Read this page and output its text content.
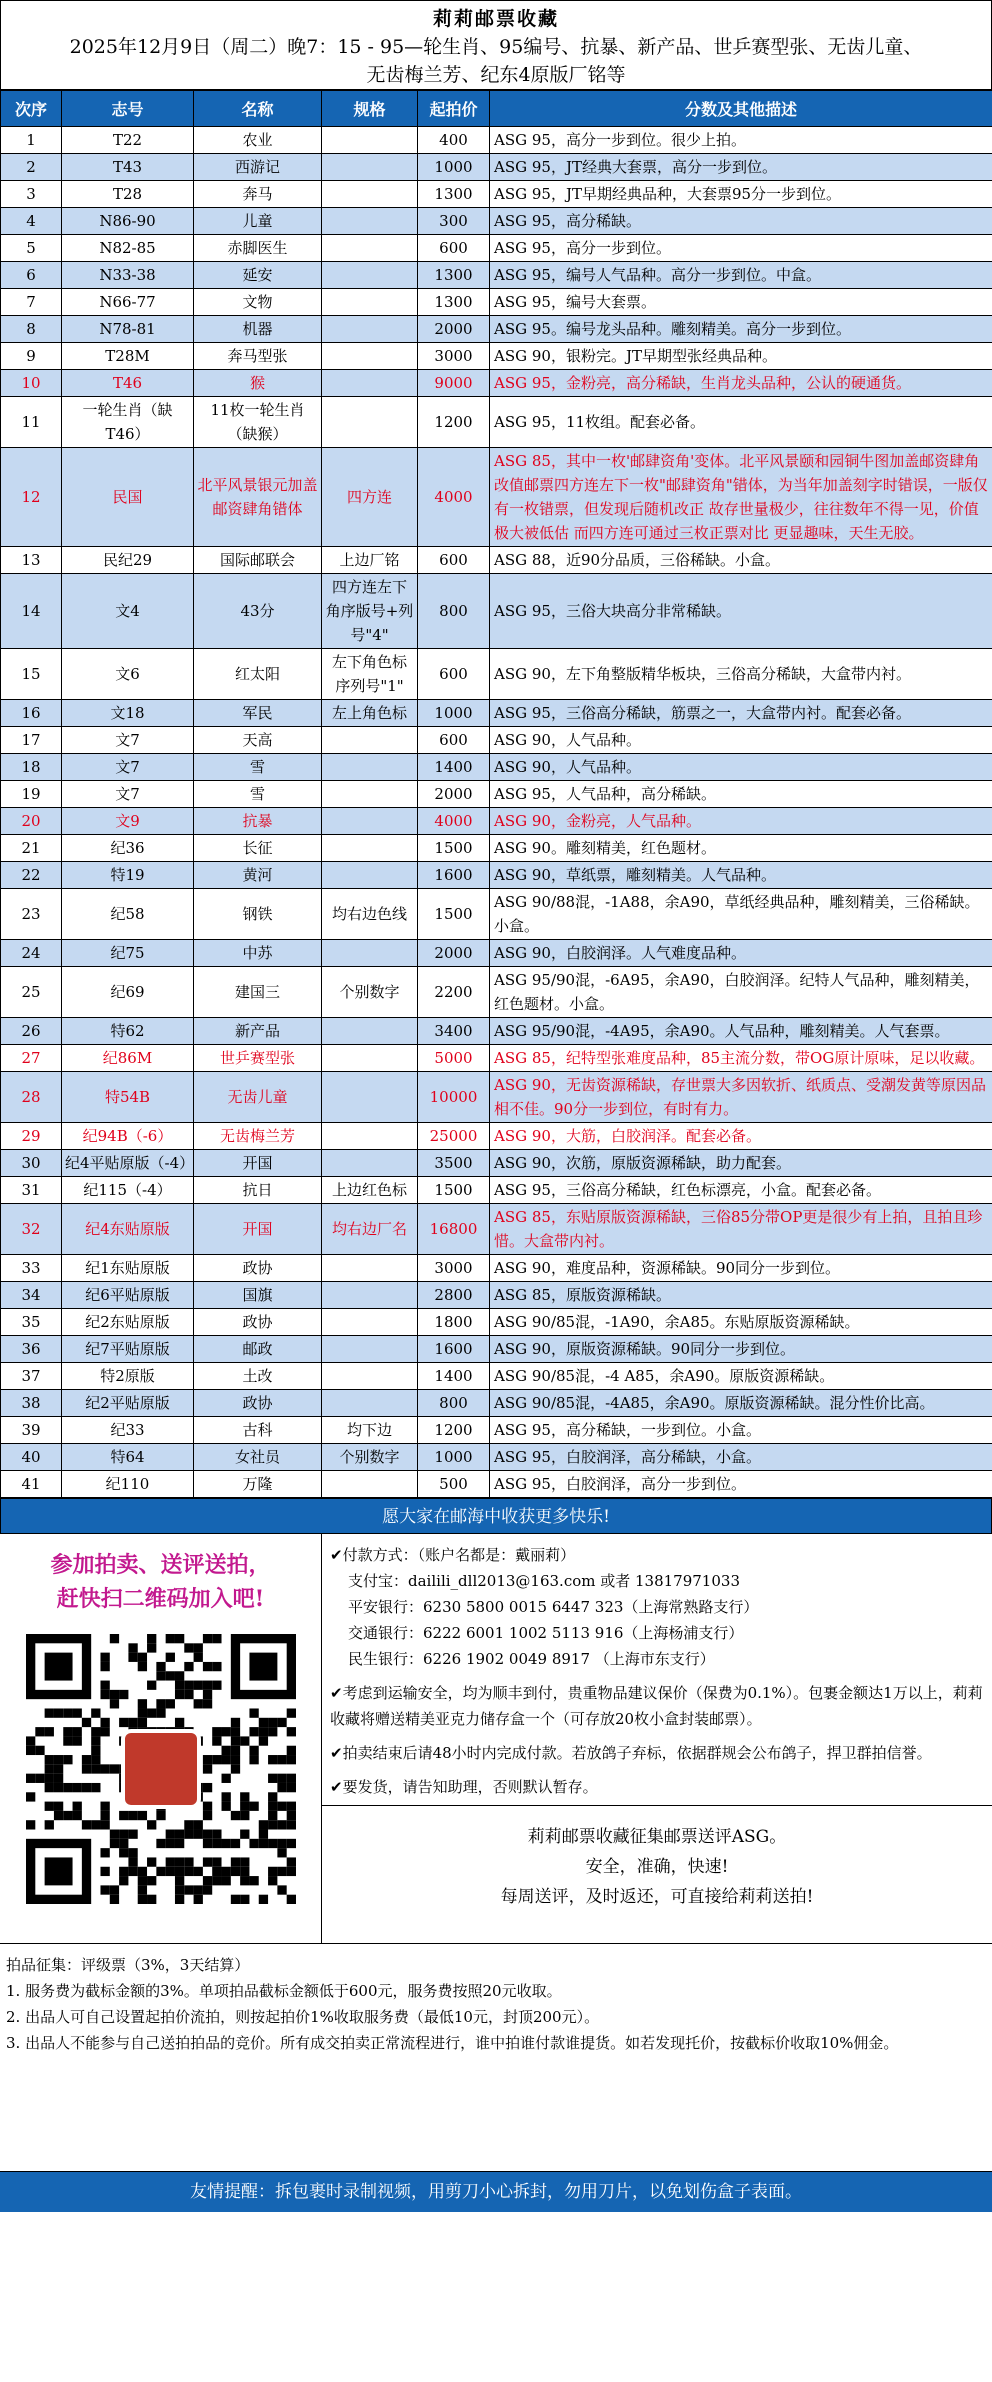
莉莉邮票收藏
2025年12月9日（周二）晚7：15 - 95—轮生肖、95编号、抗暴、新产品、世乒赛型张、无齿儿童、
无齿梅兰芳、纪东4原版厂铭等
次序	志号	名称	规格	起拍价	分数及其他描述
1	T22	农业		400	ASG 95，高分一步到位。很少上拍。
2	T43	西游记		1000	ASG 95，JT经典大套票，高分一步到位。
3	T28	奔马		1300	ASG 95，JT早期经典品种，大套票95分一步到位。
4	N86-90	儿童		300	ASG 95，高分稀缺。
5	N82-85	赤脚医生		600	ASG 95，高分一步到位。
6	N33-38	延安		1300	ASG 95，编号人气品种。高分一步到位。中盒。
7	N66-77	文物		1300	ASG 95，编号大套票。
8	N78-81	机器		2000	ASG 95。编号龙头品种。雕刻精美。高分一步到位。
9	T28M	奔马型张		3000	ASG 90，银粉完。JT早期型张经典品种。
10	T46	猴		9000	ASG 95，金粉亮，高分稀缺，生肖龙头品种，公认的硬通货。
11	一轮生肖（缺T46）	11枚一轮生肖（缺猴）		1200	ASG 95，11枚组。配套必备。
12	民国	北平风景银元加盖邮资肆角错体	四方连	4000	ASG 85，其中一枚'邮肆资角'变体。北平风景颐和园铜牛图加盖邮资肆角改值邮票四方连左下一枚"邮肆资角"错体，为当年加盖刻字时错误，一版仅有一枚错票，但发现后随机改正 故存世量极少，往往数年不得一见，价值极大被低估 而四方连可通过三枚正票对比 更显趣味，天生无胶。
13	民纪29	国际邮联会	上边厂铭	600	ASG 88，近90分品质，三俗稀缺。小盒。
14	文4	43分	四方连左下角序版号+列号"4"	800	ASG 95，三俗大块高分非常稀缺。
15	文6	红太阳	左下角色标序列号"1"	600	ASG 90，左下角整版精华板块，三俗高分稀缺，大盒带内衬。
16	文18	军民	左上角色标	1000	ASG 95，三俗高分稀缺，筋票之一，大盒带内衬。配套必备。
17	文7	天高		600	ASG 90，人气品种。
18	文7	雪		1400	ASG 90，人气品种。
19	文7	雪		2000	ASG 95，人气品种，高分稀缺。
20	文9	抗暴		4000	ASG 90，金粉亮，人气品种。
21	纪36	长征		1500	ASG 90。雕刻精美，红色题材。
22	特19	黄河		1600	ASG 90，草纸票，雕刻精美。人气品种。
23	纪58	钢铁	均右边色线	1500	ASG 90/88混，-1A88，余A90，草纸经典品种，雕刻精美，三俗稀缺。小盒。
24	纪75	中苏		2000	ASG 90，白胶润泽。人气难度品种。
25	纪69	建国三	个别数字	2200	ASG 95/90混，-6A95，余A90，白胶润泽。纪特人气品种，雕刻精美，红色题材。小盒。
26	特62	新产品		3400	ASG 95/90混，-4A95，余A90。人气品种，雕刻精美。人气套票。
27	纪86M	世乒赛型张		5000	ASG 85，纪特型张难度品种，85主流分数，带OG原计原味，足以收藏。
28	特54B	无齿儿童		10000	ASG 90，无齿资源稀缺，存世票大多因软折、纸质点、受潮发黄等原因品相不佳。90分一步到位，有时有力。
29	纪94B（-6）	无齿梅兰芳		25000	ASG 90，大筋，白胶润泽。配套必备。
30	纪4平贴原版（-4）	开国		3500	ASG 90，次筋，原版资源稀缺，助力配套。
31	纪115（-4）	抗日	上边红色标	1500	ASG 95，三俗高分稀缺，红色标漂亮，小盒。配套必备。
32	纪4东贴原版	开国	均右边厂名	16800	ASG 85，东贴原版资源稀缺，三俗85分带OP更是很少有上拍，且拍且珍惜。大盒带内衬。
33	纪1东贴原版	政协		3000	ASG 90，难度品种，资源稀缺。90同分一步到位。
34	纪6平贴原版	国旗		2800	ASG 85，原版资源稀缺。
35	纪2东贴原版	政协		1800	ASG 90/85混，-1A90，余A85。东贴原版资源稀缺。
36	纪7平贴原版	邮政		1600	ASG 90，原版资源稀缺。90同分一步到位。
37	特2原版	土改		1400	ASG 90/85混，-4 A85，余A90。原版资源稀缺。
38	纪2平贴原版	政协		800	ASG 90/85混，-4A85，余A90。原版资源稀缺。混分性价比高。
39	纪33	古科	均下边	1200	ASG 95，高分稀缺，一步到位。小盒。
40	特64	女社员	个别数字	1000	ASG 95，白胶润泽，高分稀缺，小盒。
41	纪110	万隆		500	ASG 95，白胶润泽，高分一步到位。
愿大家在邮海中收获更多快乐!
参加拍卖、送评送拍，
赶快扫二维码加入吧!
✔付款方式：（账户名都是：戴丽莉）
支付宝： dailili_dll2013@163.com 或者 13817971033
平安银行： 6230 5800 0015 6447 323（上海常熟路支行）
交通银行： 6222 6001 1002 5113 916（上海杨浦支行）
民生银行： 6226 1902 0049 8917 （上海市东支行）

✔考虑到运输安全，均为顺丰到付，贵重物品建议保价（保费为0.1%）。包裹金额达1万以上，莉莉收藏将赠送精美亚克力储存盒一个（可存放20枚小盒封装邮票）。

✔拍卖结束后请48小时内完成付款。若放鸽子弃标，依据群规会公布鸽子，捍卫群拍信誉。

✔要发货，请告知助理，否则默认暂存。

莉莉邮票收藏征集邮票送评ASG。
安全，准确，快速!
每周送评，及时返还，可直接给莉莉送拍!
拍品征集：评级票（3%，3天结算）
1. 服务费为截标金额的3%。单项拍品截标金额低于600元，服务费按照20元收取。
2. 出品人可自己设置起拍价流拍，则按起拍价1%收取服务费（最低10元，封顶200元）。
3. 出品人不能参与自己送拍拍品的竞价。所有成交拍卖正常流程进行，谁中拍谁付款谁提货。如若发现托价，按截标价收取10%佣金。
友情提醒：拆包裹时录制视频，用剪刀小心拆封，勿用刀片，以免划伤盒子表面。
